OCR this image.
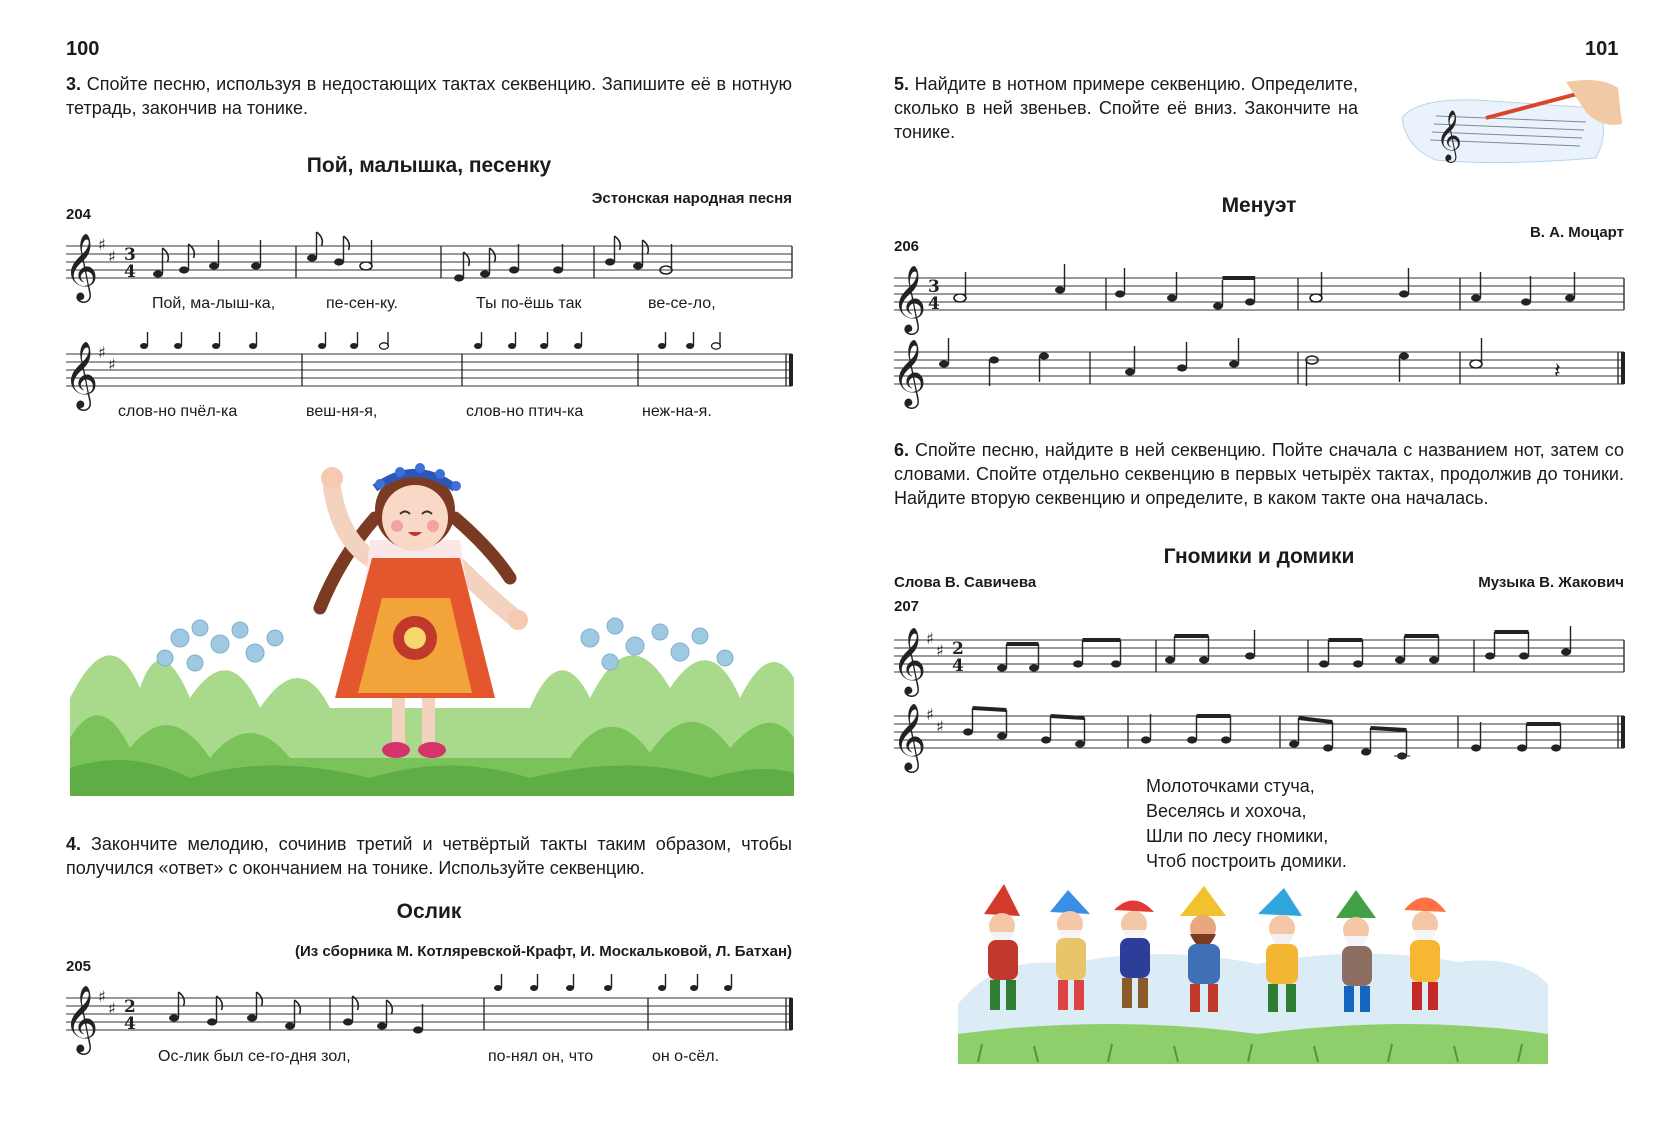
100
3. Спойте песню, используя в недостающих тактах секвенцию. Запишите её в нотную тетрадь, закончив на тонике.
Пой, малышка, песенку
Эстонская народная песня
204
𝄞 ♯
♯ 3
4
Пой, ма-лыш-ка,	пе-сен-ку.	Ты по-ёшь так	ве-се-ло,
𝄞 ♯
♯
слов-но пчёл-ка	веш-ня-я,	слов-но птич-ка	неж-на-я.
4. Закончите мелодию, сочинив третий и четвёртый такты таким образом, чтобы получился «ответ» с окончанием на тонике. Используйте секвенцию.
Ослик
(Из сборника М. Котляревской-Крафт, И. Москальковой, Л. Батхан)
205
𝄞 ♯
♯ 2
4
Ос-лик был се-го-дня зол,	по-нял он, что	он о-сёл.
101
5. Найдите в нотном примере секвенцию. Определите, сколько в ней звеньев. Спойте её вниз. Закончите на тонике.	𝄞
Менуэт
В. А. Моцарт
206
𝄞 3
4
𝄞	𝄽
6. Спойте песню, найдите в ней секвенцию. Пойте сначала с названием нот, затем со словами. Спойте отдельно секвенцию в первых четырёх тактах, продолжив до тоники. Найдите вторую секвенцию и определите, в каком такте она началась.
Гномики и домики
Слова В. Савичева	Музыка В. Жакович
207
𝄞 ♯
♯ 2
4
𝄞 ♯
♯
Молоточками стуча,
Веселясь и хохоча,
Шли по лесу гномики,
Чтоб построить домики.
